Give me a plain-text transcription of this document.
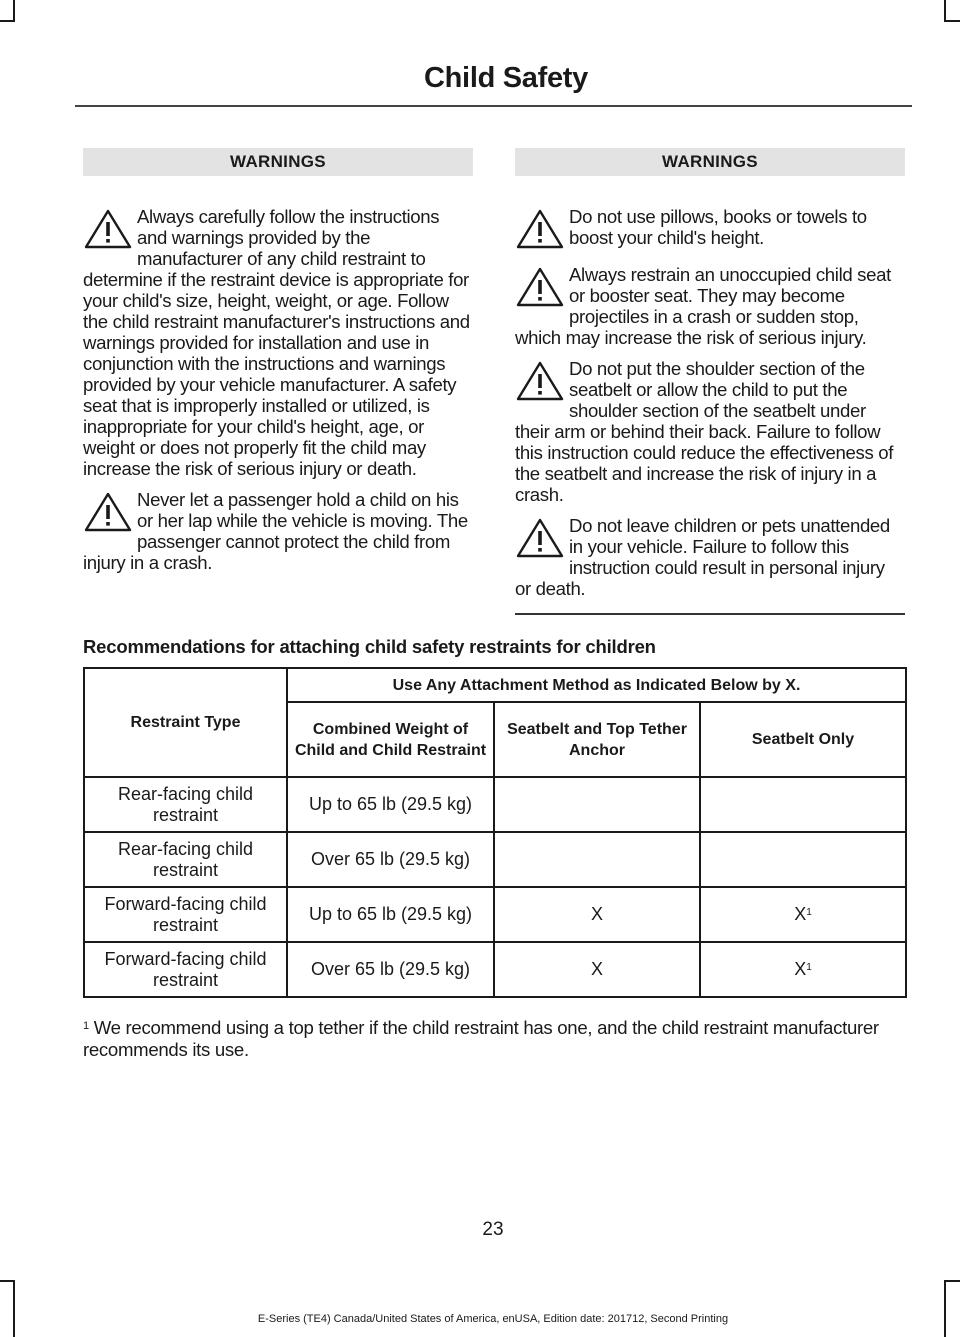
Child Safety
WARNINGS
Always carefully follow the instructions and warnings provided by the manufacturer of any child restraint to determine if the restraint device is appropriate for your child's size, height, weight, or age. Follow the child restraint manufacturer's instructions and warnings provided for installation and use in conjunction with the instructions and warnings provided by your vehicle manufacturer. A safety seat that is improperly installed or utilized, is inappropriate for your child's height, age, or weight or does not properly fit the child may increase the risk of serious injury or death.
Never let a passenger hold a child on his or her lap while the vehicle is moving. The passenger cannot protect the child from injury in a crash.
WARNINGS
Do not use pillows, books or towels to boost your child's height.
Always restrain an unoccupied child seat or booster seat. They may become projectiles in a crash or sudden stop, which may increase the risk of serious injury.
Do not put the shoulder section of the seatbelt or allow the child to put the shoulder section of the seatbelt under their arm or behind their back. Failure to follow this instruction could reduce the effectiveness of the seatbelt and increase the risk of injury in a crash.
Do not leave children or pets unattended in your vehicle. Failure to follow this instruction could result in personal injury or death.
Recommendations for attaching child safety restraints for children
Restraint Type	Use Any Attachment Method as Indicated Below by X.		
	Combined Weight of Child and Child Restraint	Seatbelt and Top Tether Anchor	Seatbelt Only
Rear-facing child restraint	Up to 65 lb (29.5 kg)		
Rear-facing child restraint	Over 65 lb (29.5 kg)		
Forward-facing child restraint	Up to 65 lb (29.5 kg)	X	$X^1$
Forward-facing child restraint	Over 65 lb (29.5 kg)	X	$X^1$
$^1$ We recommend using a top tether if the child restraint has one, and the child restraint manufacturer recommends its use.
23
E-Series (TE4) Canada/United States of America, enUSA, Edition date: 201712, Second Printing
